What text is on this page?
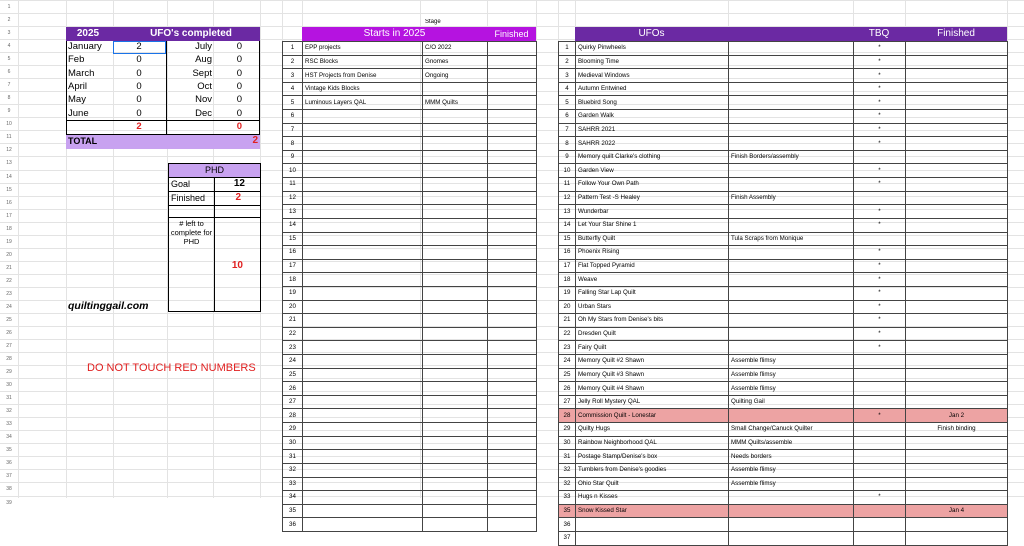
1
2
3
4
5
6
7
8
9
10
11
12
13
14
15
16
17
18
19
20
21
22
23
24
25
26
27
28
29
30
31
32
33
34
35
36
37
38
39
Stage
2025	UFO's completed
January	2	July	0
Feb	0	Aug	0
March	0	Sept	0
April	0	Oct	0
May	0	Nov	0
June	0	Dec	0
2	0
TOTAL	2
PHD
Goal	12
Finished	2
# left to complete for PHD
10
quiltinggail.com
DO NOT TOUCH RED NUMBERS
Starts in 2025	Finished
1	EPP projects	C/O 2022	
2	RSC Blocks	Gnomes	
3	HST Projects from Denise	Ongoing	
4	Vintage Kids Blocks		
5	Luminous Layers QAL	MMM Quilts	
6			
7			
8			
9			
10			
11			
12			
13			
14			
15			
16			
17			
18			
19			
20			
21			
22			
23			
24			
25			
26			
27			
28			
29			
30			
31			
32			
33			
34			
35			
36			
UFOs	TBQ	Finished
1	Quirky Pinwheels		*	
2	Blooming Time		*	
3	Medieval Windows		*	
4	Autumn Entwined		*	
5	Bluebird Song		*	
6	Garden Walk		*	
7	SAHRR 2021		*	
8	SAHRR 2022		*	
9	Memory quilt Clarke's clothing	Finish Borders/assembly		
10	Garden View		*	
11	Follow Your Own Path		*	
12	Pattern Test -S Healey	Finish Assembly		
13	Wunderbar		*	
14	Let Your Star Shine 1		*	
15	Butterfly Quilt	Tula Scraps from Monique		
16	Phoenix Rising		*	
17	Flat Topped Pyramid		*	
18	Weave		*	
19	Falling Star Lap Quilt		*	
20	Urban Stars		*	
21	Oh My Stars from Denise's bits		*	
22	Dresden Quilt		*	
23	Fairy Quilt		*	
24	Memory Quilt #2 Shawn	Assemble flimsy		
25	Memory Quilt #3 Shawn	Assemble flimsy		
26	Memory Quilt #4 Shawn	Assemble flimsy		
27	Jelly Roll Mystery QAL	Quilting Gail		
28	Commission Quilt - Lonestar		*	Jan 2
29	Quilty Hugs	Small Change/Canuck Quilter		Finish binding
30	Rainbow Neighborhood QAL	MMM Quilts/assemble		
31	Postage Stamp/Denise's box	Needs borders		
32	Tumblers from Denise's goodies	Assemble flimsy		
32	Ohio Star Quilt	Assemble flimsy		
33	Hugs n Kisses		*	
35	Snow Kissed Star			Jan 4
36				
37				
